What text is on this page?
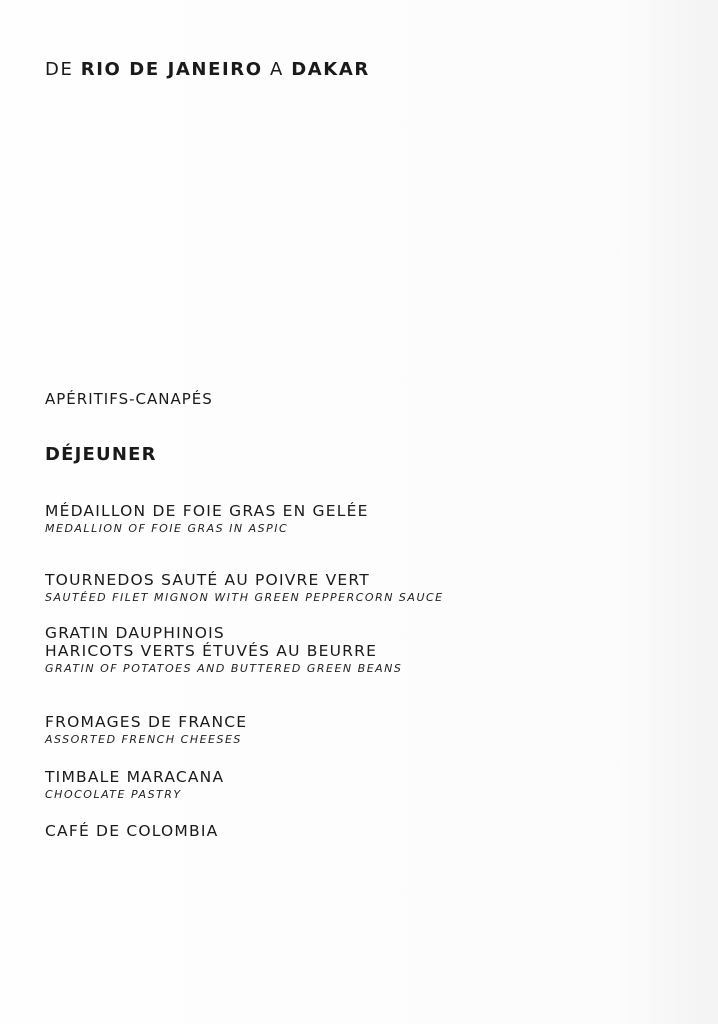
DE RIO DE JANEIRO A DAKAR
APÉRITIFS-CANAPÉS
DÉJEUNER
MÉDAILLON DE FOIE GRAS EN GELÉE
MEDALLION OF FOIE GRAS IN ASPIC
TOURNEDOS SAUTÉ AU POIVRE VERT
SAUTÉED FILET MIGNON WITH GREEN PEPPERCORN SAUCE
GRATIN DAUPHINOIS
HARICOTS VERTS ÉTUVÉS AU BEURRE
GRATIN OF POTATOES AND BUTTERED GREEN BEANS
FROMAGES DE FRANCE
ASSORTED FRENCH CHEESES
TIMBALE MARACANA
CHOCOLATE PASTRY
CAFÉ DE COLOMBIA
